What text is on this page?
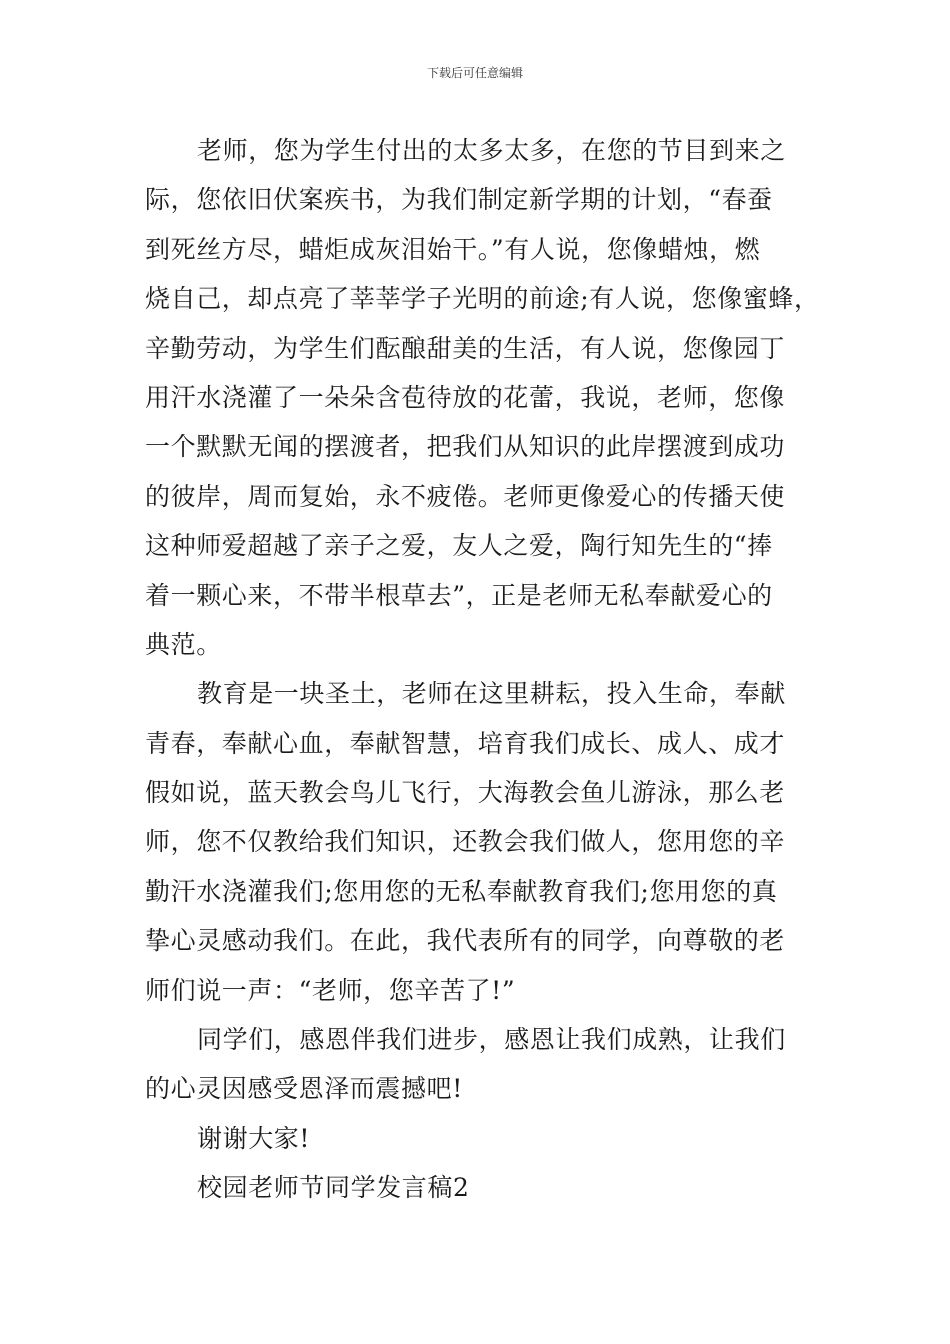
下载后可任意编辑

老师，您为学生付出的太多太多，在您的节目到来之
际，您依旧伏案疾书，为我们制定新学期的计划，“春蚕
到死丝方尽，蜡炬成灰泪始干。”有人说，您像蜡烛，燃
烧自己，却点亮了莘莘学子光明的前途;有人说，您像蜜蜂，
辛勤劳动，为学生们酝酿甜美的生活，有人说，您像园丁
用汗水浇灌了一朵朵含苞待放的花蕾，我说，老师，您像
一个默默无闻的摆渡者，把我们从知识的此岸摆渡到成功
的彼岸，周而复始，永不疲倦。老师更像爱心的传播天使
这种师爱超越了亲子之爱，友人之爱，陶行知先生的“捧
着一颗心来，不带半根草去”，正是老师无私奉献爱心的
典范。

教育是一块圣土，老师在这里耕耘，投入生命，奉献
青春，奉献心血，奉献智慧，培育我们成长、成人、成才
假如说，蓝天教会鸟儿飞行，大海教会鱼儿游泳，那么老
师，您不仅教给我们知识，还教会我们做人，您用您的辛
勤汗水浇灌我们;您用您的无私奉献教育我们;您用您的真
挚心灵感动我们。在此，我代表所有的同学，向尊敬的老
师们说一声：“老师，您辛苦了!”

同学们，感恩伴我们进步，感恩让我们成熟，让我们
的心灵因感受恩泽而震撼吧!

谢谢大家!

校园老师节同学发言稿2
